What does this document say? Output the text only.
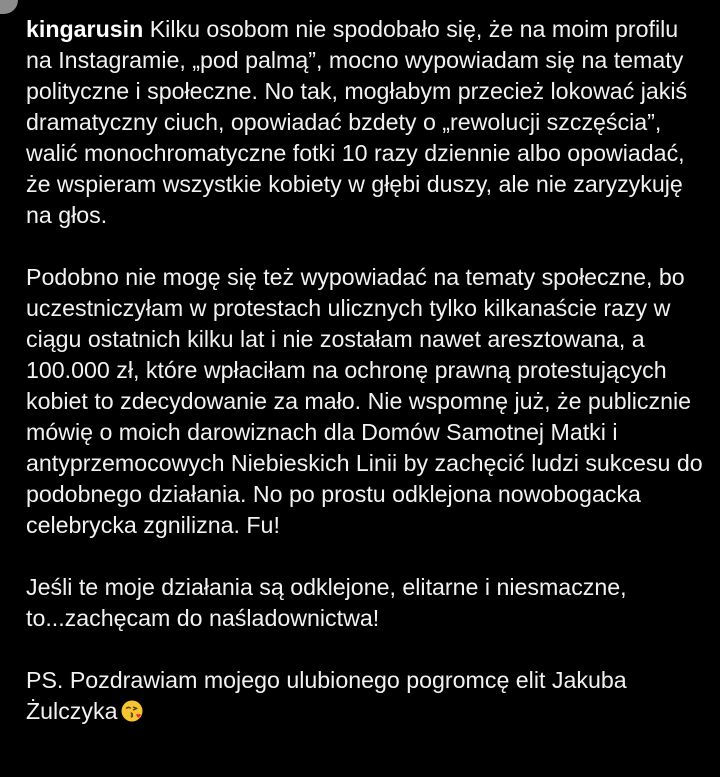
kingarusin Kilku osobom nie spodobało się, że na moim profilu na Instagramie, „pod palmą”, mocno wypowiadam się na tematy polityczne i społeczne. No tak, mogłabym przecież lokować jakiś dramatyczny ciuch, opowiadać bzdety o „rewolucji szczęścia”, walić monochromatyczne fotki 10 razy dziennie albo opowiadać, że wspieram wszystkie kobiety w głębi duszy, ale nie zaryzykuję na głos.

Podobno nie mogę się też wypowiadać na tematy społeczne, bo uczestniczyłam w protestach ulicznych tylko kilkanaście razy w ciągu ostatnich kilku lat i nie zostałam nawet aresztowana, a 100.000 zł, które wpłaciłam na ochronę prawną protestujących kobiet to zdecydowanie za mało. Nie wspomnę już, że publicznie mówię o moich darowiznach dla Domów Samotnej Matki i antyprzemocowych Niebieskich Linii by zachęcić ludzi sukcesu do podobnego działania. No po prostu odklejona nowobogacka celebrycka zgnilizna. Fu!

Jeśli te moje działania są odklejone, elitarne i niesmaczne, to...zachęcam do naśladownictwa!

PS. Pozdrawiam mojego ulubionego pogromcę elit Jakuba Żulczyka
